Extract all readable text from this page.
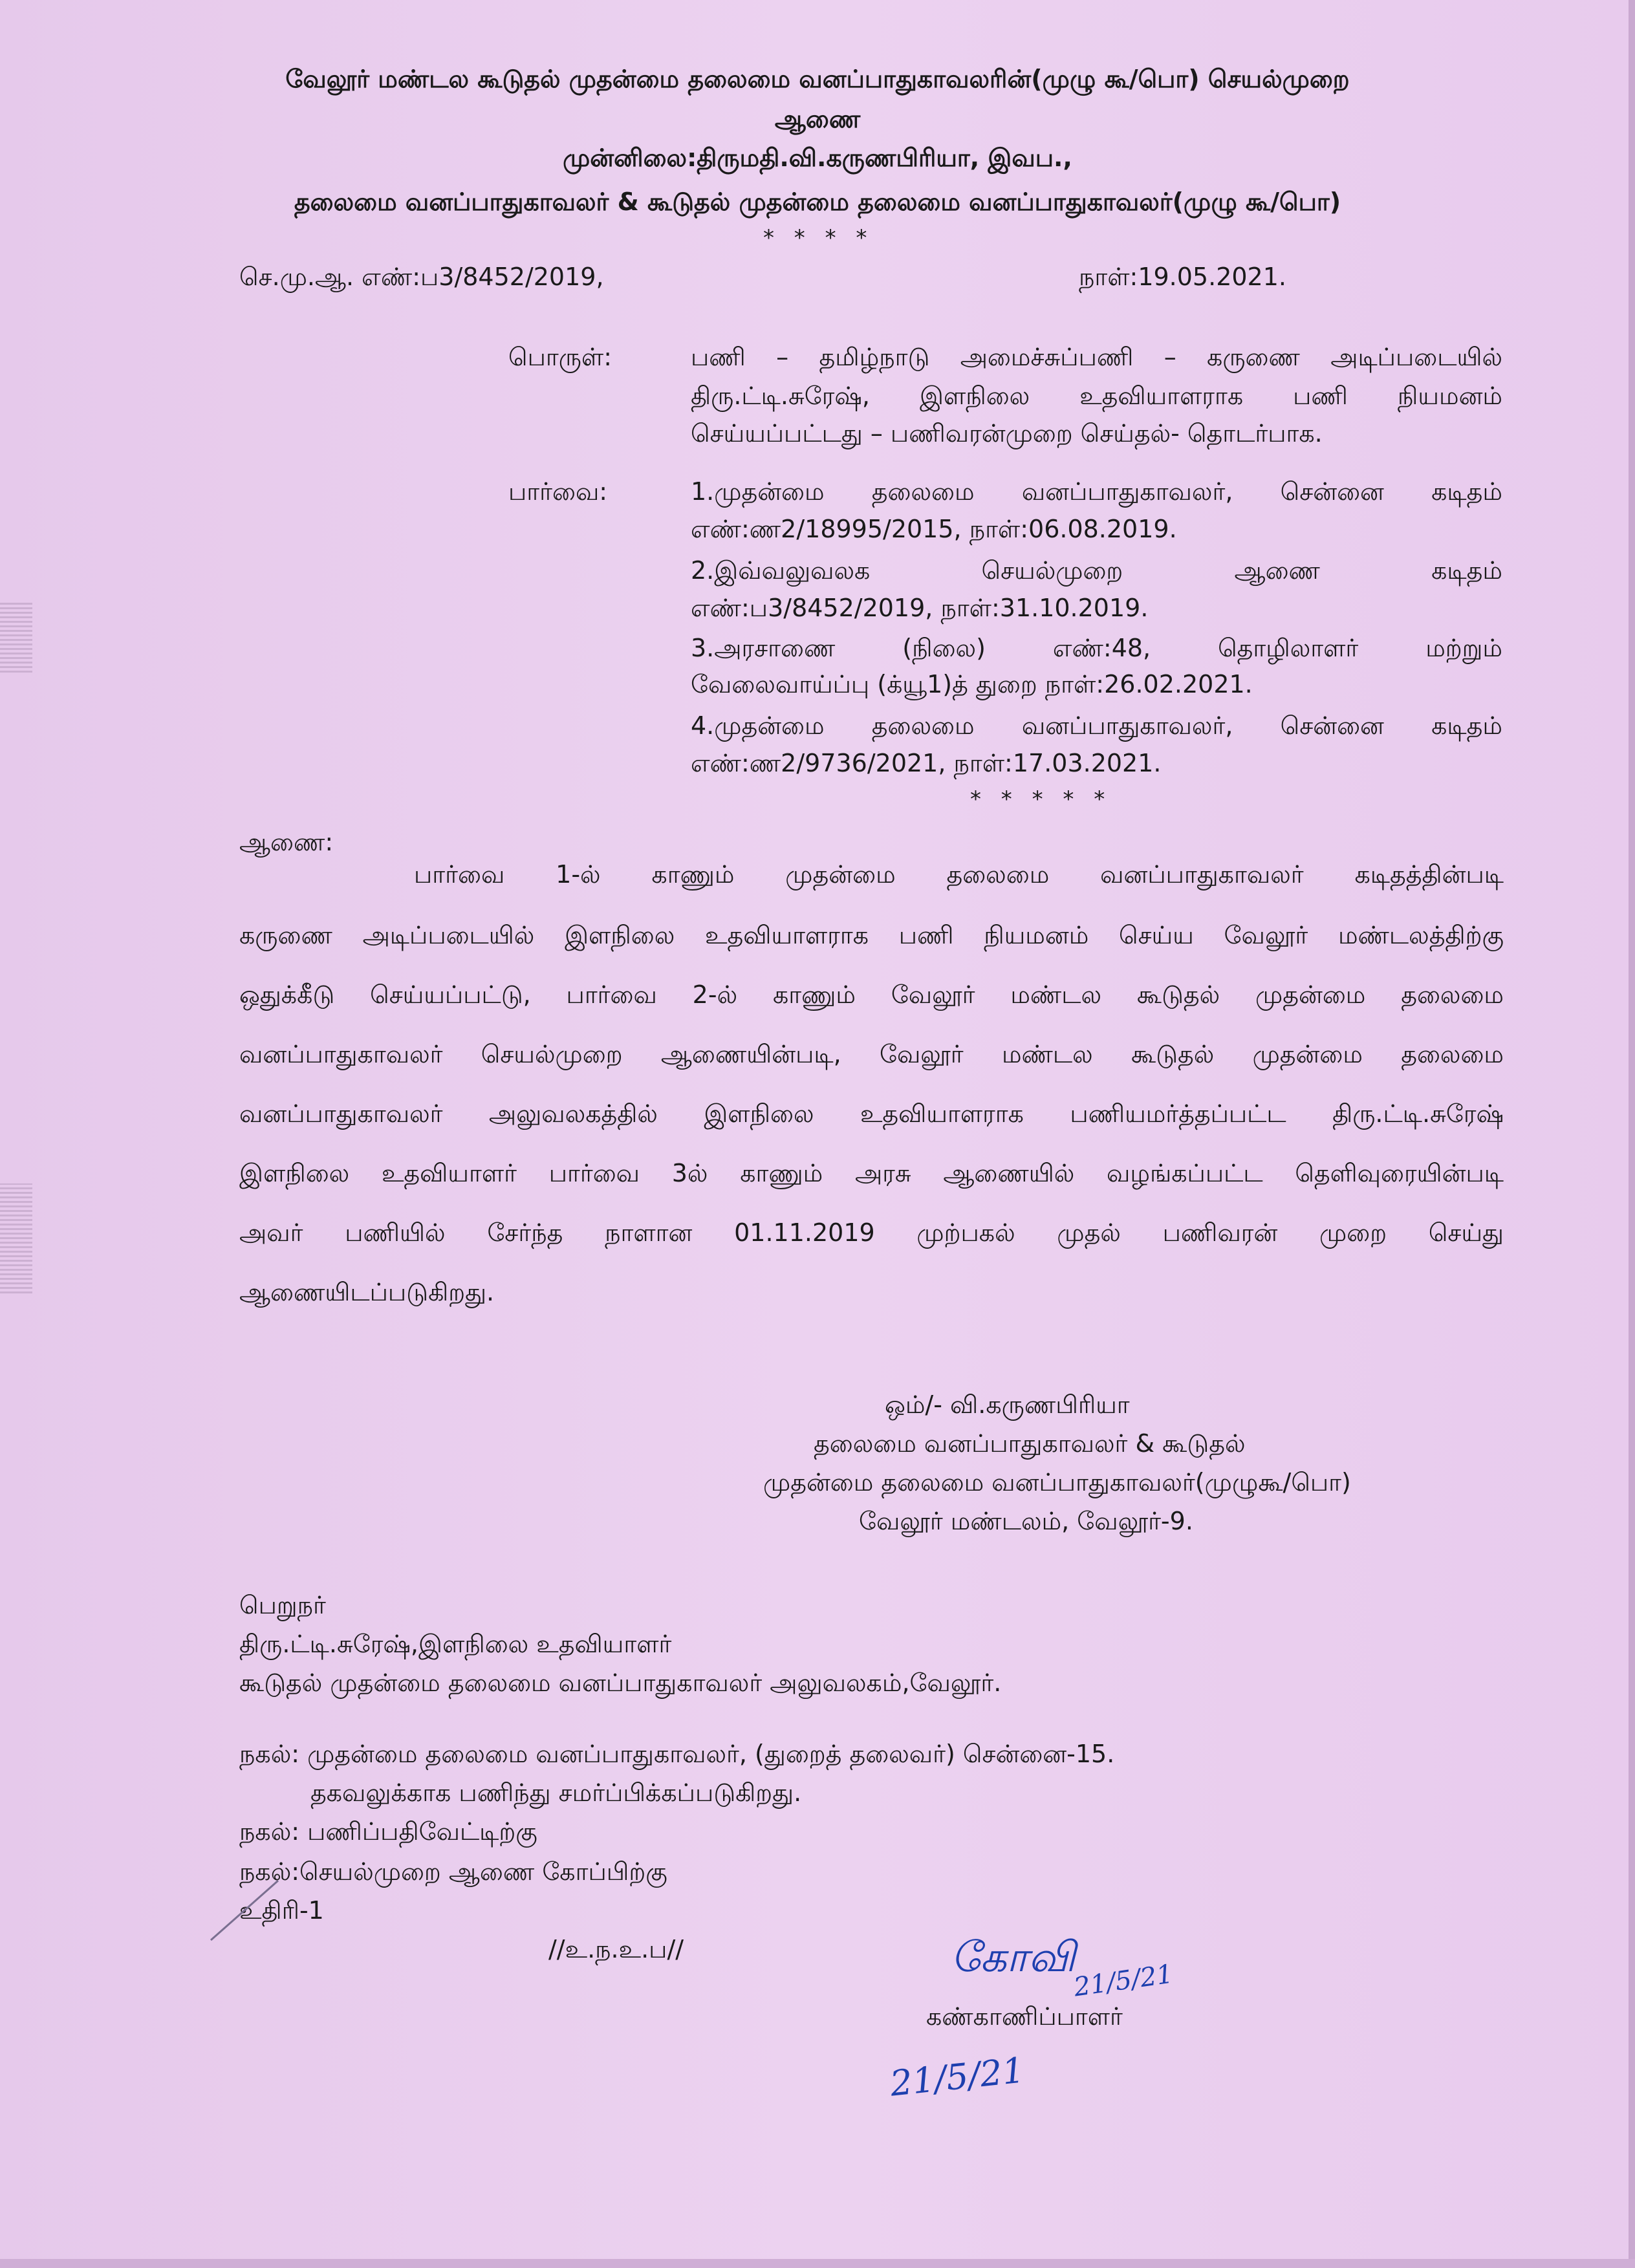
வேலூர் மண்டல கூடுதல் முதன்மை தலைமை வனப்பாதுகாவலரின்(முழு கூ/பொ) செயல்முறை
ஆணை
முன்னிலை:திருமதி.வி.கருணபிரியா, இவப.,
தலைமை வனப்பாதுகாவலர் & கூடுதல் முதன்மை தலைமை வனப்பாதுகாவலர்(முழு கூ/பொ)
* * * *
செ.மு.ஆ. எண்:ப3/8452/2019,	நாள்:19.05.2021.
பொருள்:	பணி – தமிழ்நாடு அமைச்சுப்பணி – கருணை அடிப்படையில்
திரு.ட்டி.சுரேஷ், இளநிலை உதவியாளராக பணி நியமனம்
செய்யப்பட்டது – பணிவரன்முறை செய்தல்- தொடர்பாக.
பார்வை:	1.முதன்மை தலைமை வனப்பாதுகாவலர், சென்னை கடிதம்
எண்:ண2/18995/2015, நாள்:06.08.2019.
2.இவ்வலுவலக செயல்முறை ஆணை கடிதம்
எண்:ப3/8452/2019, நாள்:31.10.2019.
3.அரசாணை (நிலை) எண்:48, தொழிலாளர் மற்றும்
வேலைவாய்ப்பு (க்யூ1)த் துறை நாள்:26.02.2021.
4.முதன்மை தலைமை வனப்பாதுகாவலர், சென்னை கடிதம்
எண்:ண2/9736/2021, நாள்:17.03.2021.
* * * * *
ஆணை:
பார்வை 1-ல் காணும் முதன்மை தலைமை வனப்பாதுகாவலர் கடிதத்தின்படி
கருணை அடிப்படையில் இளநிலை உதவியாளராக பணி நியமனம் செய்ய வேலூர் மண்டலத்திற்கு
ஒதுக்கீடு செய்யப்பட்டு, பார்வை 2-ல் காணும் வேலூர் மண்டல கூடுதல் முதன்மை தலைமை
வனப்பாதுகாவலர் செயல்முறை ஆணையின்படி, வேலூர் மண்டல கூடுதல் முதன்மை தலைமை
வனப்பாதுகாவலர் அலுவலகத்தில் இளநிலை உதவியாளராக பணியமர்த்தப்பட்ட திரு.ட்டி.சுரேஷ்
இளநிலை உதவியாளர் பார்வை 3ல் காணும் அரசு ஆணையில் வழங்கப்பட்ட தெளிவுரையின்படி
அவர் பணியில் சேர்ந்த நாளான 01.11.2019 முற்பகல் முதல் பணிவரன் முறை செய்து
ஆணையிடப்படுகிறது.
ஒம்/- வி.கருணபிரியா
தலைமை வனப்பாதுகாவலர் & கூடுதல்
முதன்மை தலைமை வனப்பாதுகாவலர்(முழுகூ/பொ)
வேலூர் மண்டலம், வேலூர்-9.
பெறுநர்
திரு.ட்டி.சுரேஷ்,இளநிலை உதவியாளர்
கூடுதல் முதன்மை தலைமை வனப்பாதுகாவலர் அலுவலகம்,வேலூர்.
நகல்: முதன்மை தலைமை வனப்பாதுகாவலர், (துறைத் தலைவர்) சென்னை-15.
தகவலுக்காக பணிந்து சமர்ப்பிக்கப்படுகிறது.
நகல்: பணிப்பதிவேட்டிற்கு
நகல்:செயல்முறை ஆணை கோப்பிற்கு
உதிரி-1
//உ.ந.உ.ப//	கோவி
21/5/21
கண்காணிப்பாளர்
21/5/21
